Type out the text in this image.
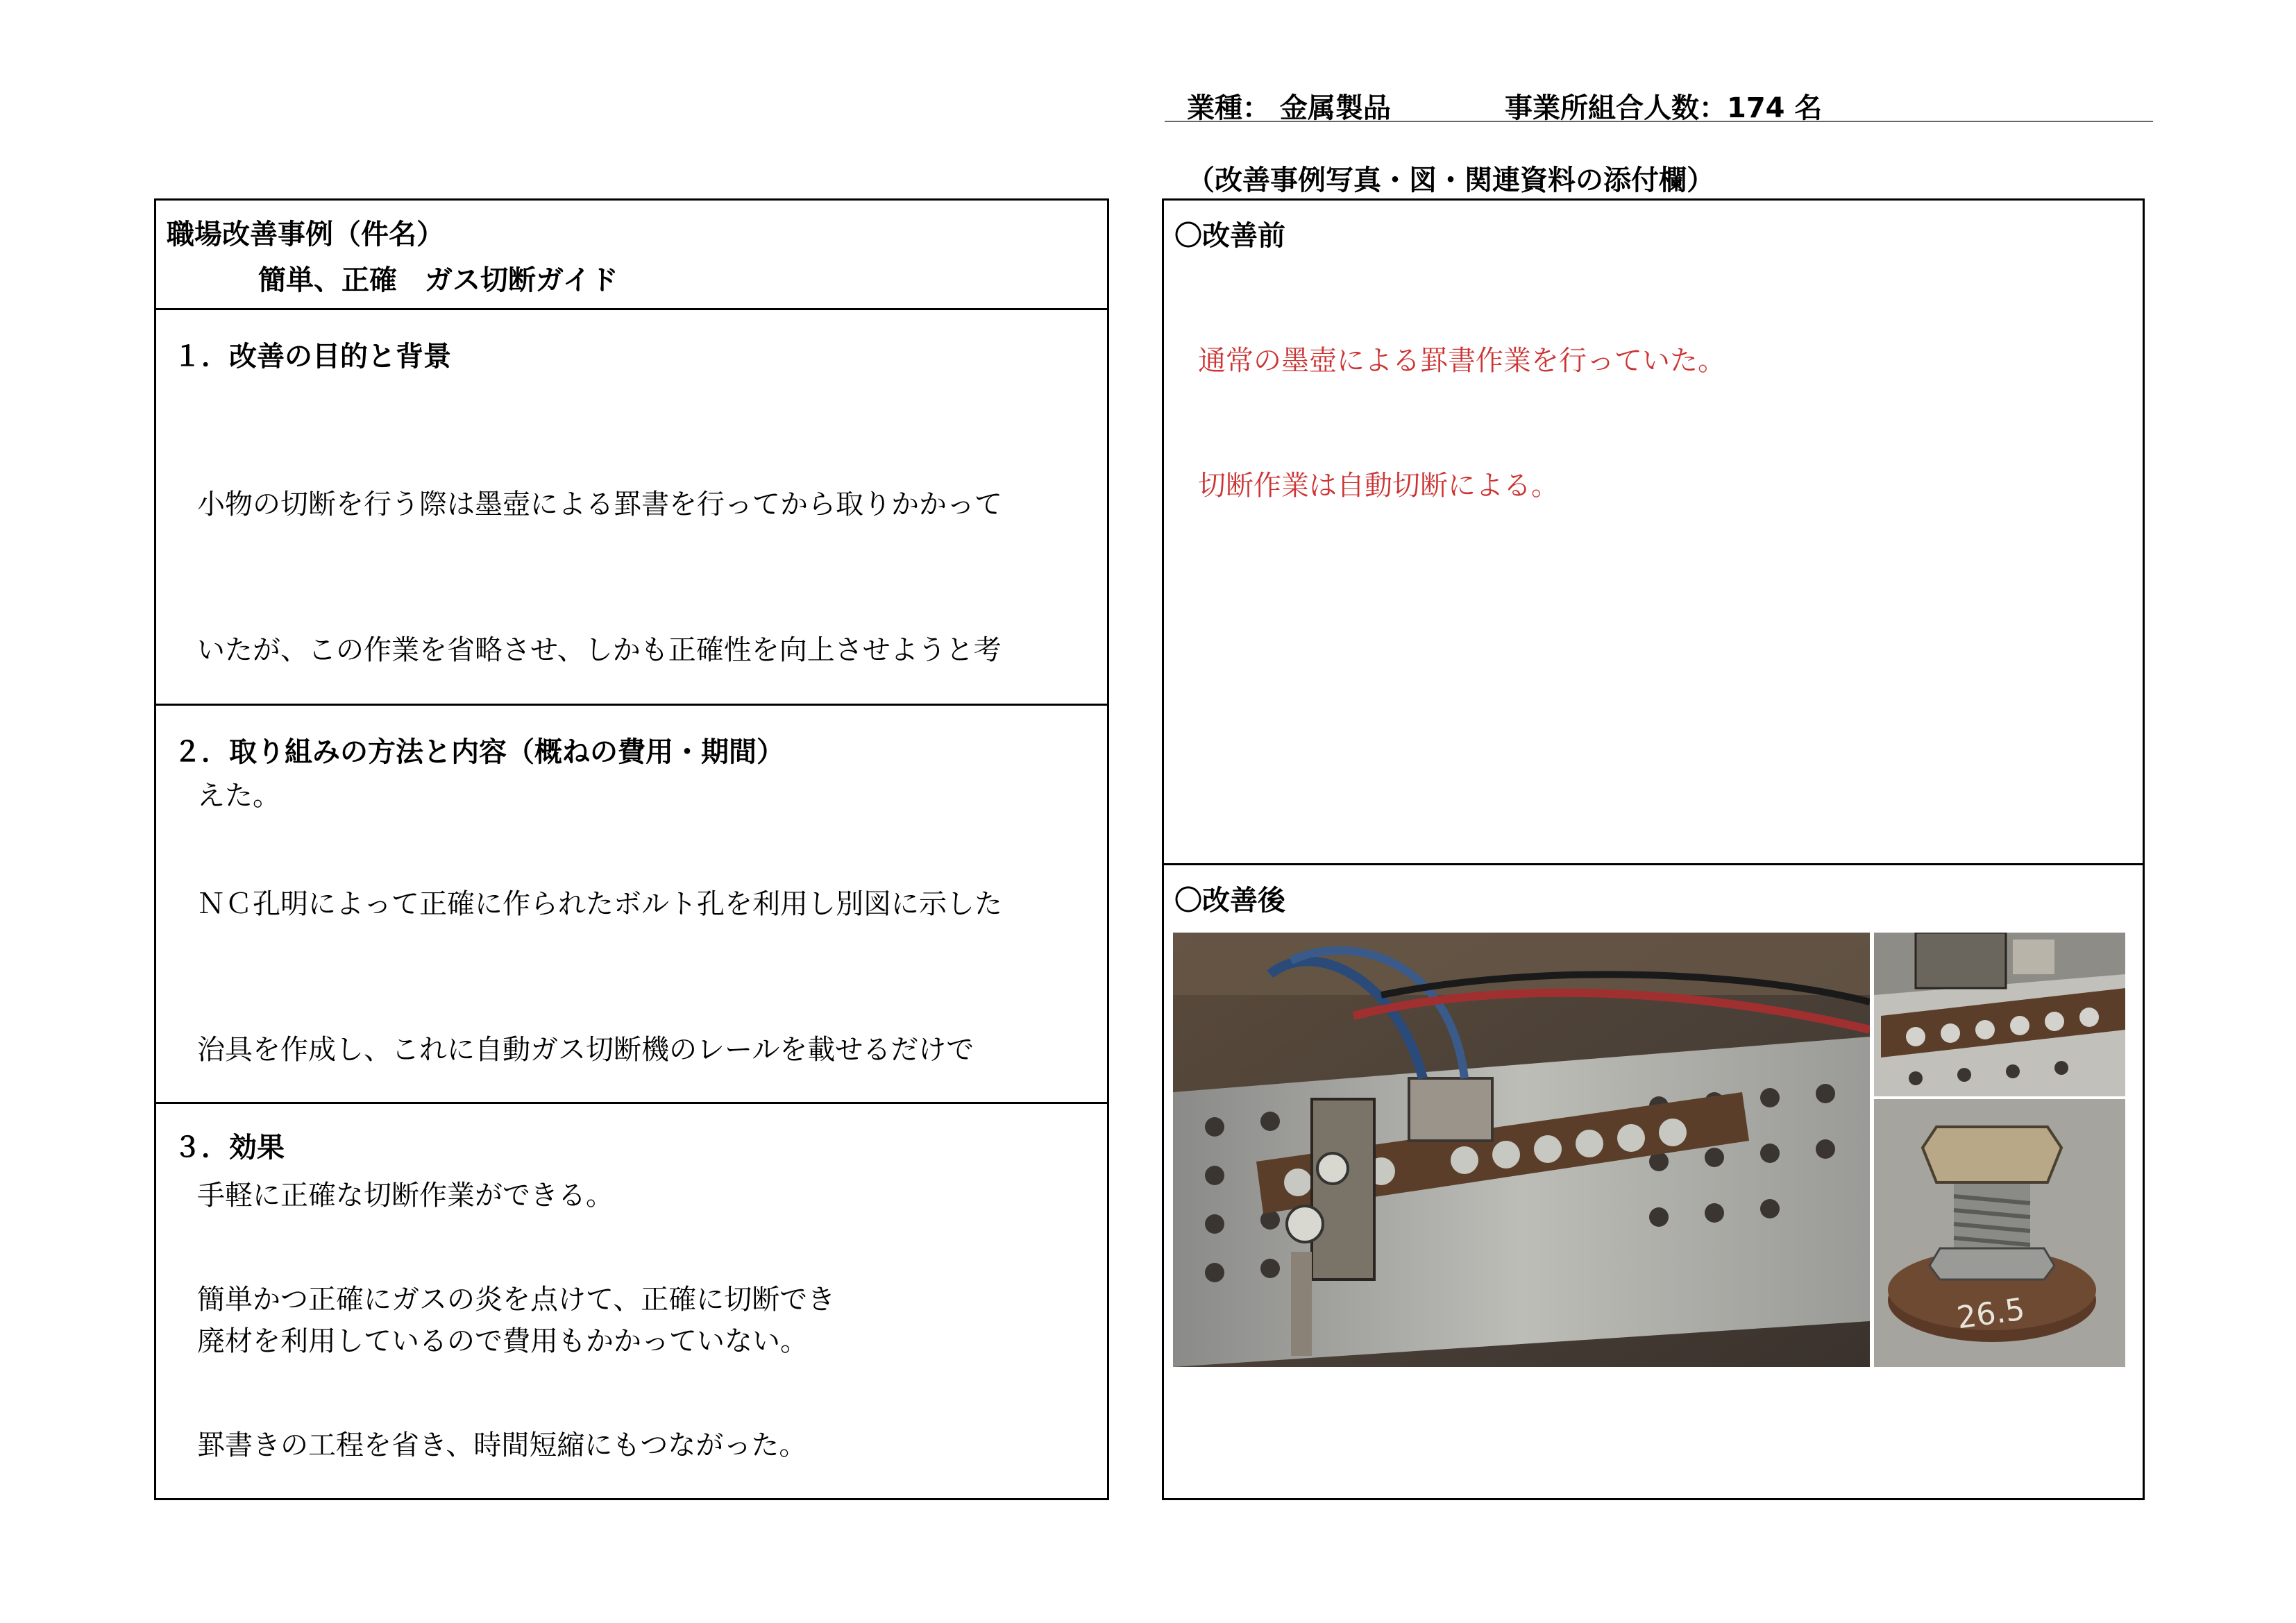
業種： 金属製品	事業所組合人数：174 名
（改善事例写真・図・関連資料の添付欄）
職場改善事例（件名）
簡単、正確　ガス切断ガイド
１．改善の目的と背景

小物の切断を行う際は墨壺による罫書を行ってから取りかかって

いたが、この作業を省略させ、しかも正確性を向上させようと考

えた。

２．取り組みの方法と内容（概ねの費用・期間）

ＮＣ孔明によって正確に作られたボルト孔を利用し別図に示した

治具を作成し、これに自動ガス切断機のレールを載せるだけで

手軽に正確な切断作業ができる。

廃材を利用しているので費用もかかっていない。

３．効果

簡単かつ正確にガスの炎を点けて、正確に切断でき

罫書きの工程を省き、時間短縮にもつながった。

〇改善前

通常の墨壺による罫書作業を行っていた。

切断作業は自動切断による。

〇改善後
26.5
